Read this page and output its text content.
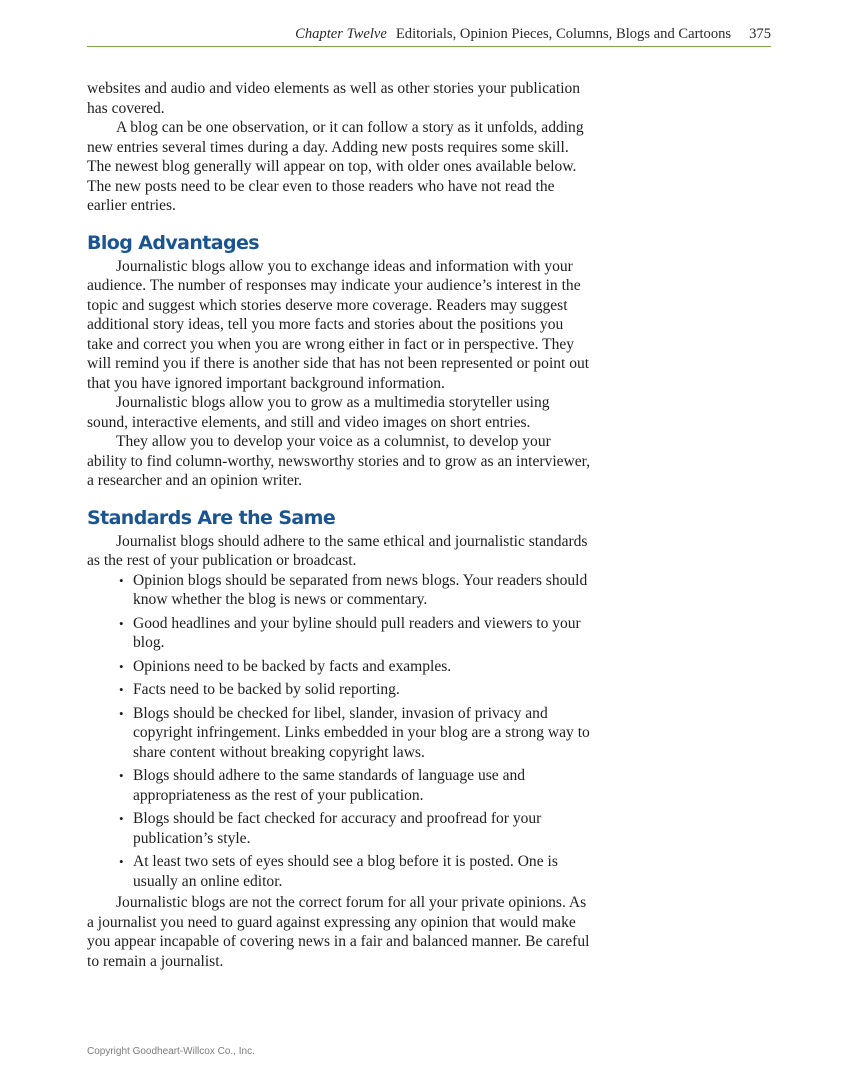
Chapter Twelve Editorials, Opinion Pieces, Columns, Blogs and Cartoons 375

websites and audio and video elements as well as other stories your publication has covered.

A blog can be one observation, or it can follow a story as it unfolds, adding new entries several times during a day. Adding new posts requires some skill. The newest blog generally will appear on top, with older ones available below. The new posts need to be clear even to those readers who have not read the earlier entries.

Blog Advantages

Journalistic blogs allow you to exchange ideas and information with your audience. The number of responses may indicate your audience’s interest in the topic and suggest which stories deserve more coverage. Readers may suggest additional story ideas, tell you more facts and stories about the positions you take and correct you when you are wrong either in fact or in perspective. They will remind you if there is another side that has not been represented or point out that you have ignored important background information.

Journalistic blogs allow you to grow as a multimedia storyteller using sound, interactive elements, and still and video images on short entries.

They allow you to develop your voice as a columnist, to develop your ability to find column-worthy, newsworthy stories and to grow as an interviewer, a researcher and an opinion writer.

Standards Are the Same

Journalist blogs should adhere to the same ethical and journalistic standards as the rest of your publication or broadcast.

• Opinion blogs should be separated from news blogs. Your readers should know whether the blog is news or commentary.
• Good headlines and your byline should pull readers and viewers to your blog.
• Opinions need to be backed by facts and examples.
• Facts need to be backed by solid reporting.
• Blogs should be checked for libel, slander, invasion of privacy and copyright infringement. Links embedded in your blog are a strong way to share content without breaking copyright laws.
• Blogs should adhere to the same standards of language use and appropriateness as the rest of your publication.
• Blogs should be fact checked for accuracy and proofread for your publication’s style.
• At least two sets of eyes should see a blog before it is posted. One is usually an online editor.

Journalistic blogs are not the correct forum for all your private opinions. As a journalist you need to guard against expressing any opinion that would make you appear incapable of covering news in a fair and balanced manner. Be careful to remain a journalist.

Copyright Goodheart-Willcox Co., Inc.
